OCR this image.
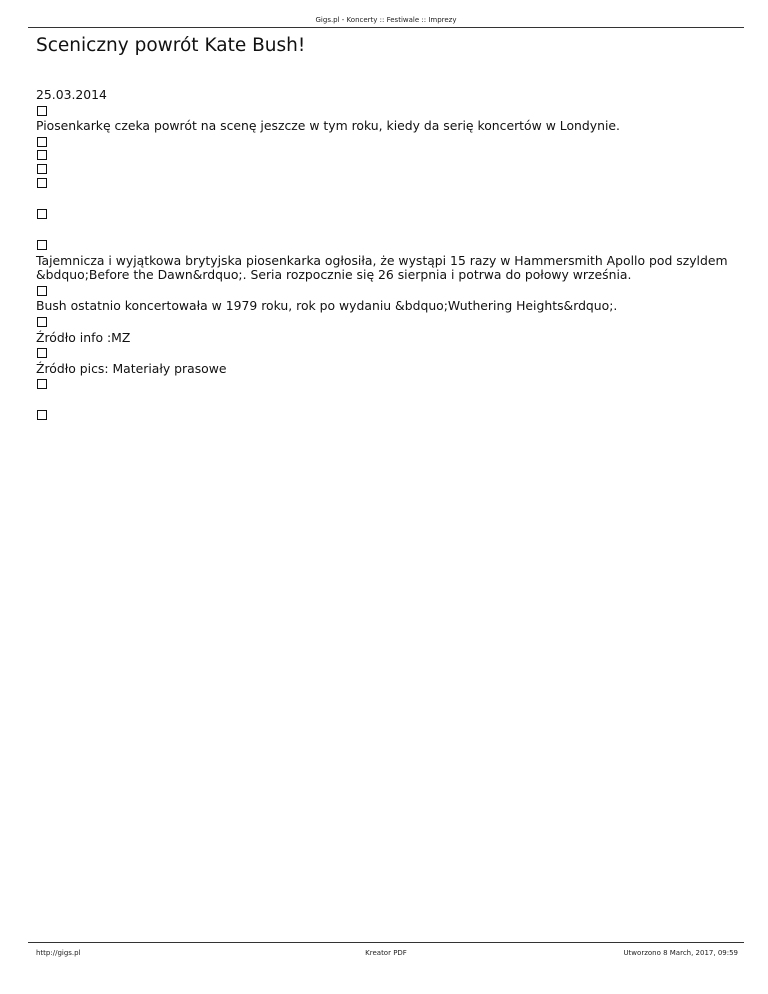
Gigs.pl - Koncerty :: Festiwale :: Imprezy
Sceniczny powrót Kate Bush!
25.03.2014
Piosenkarkę czeka powrót na scenę jeszcze w tym roku, kiedy da serię koncertów w Londynie.
Tajemnicza i wyjątkowa brytyjska piosenkarka ogłosiła, że wystąpi 15 razy w Hammersmith Apollo pod szyldem &bdquo;Before the Dawn&rdquo;. Seria rozpocznie się 26 sierpnia i potrwa do połowy września.
Bush ostatnio koncertowała w 1979 roku, rok po wydaniu &bdquo;Wuthering Heights&rdquo;.
Źródło info :MZ
Źródło pics: Materiały prasowe
http://gigs.pl	Kreator PDF	Utworzono 8 March, 2017, 09:59
